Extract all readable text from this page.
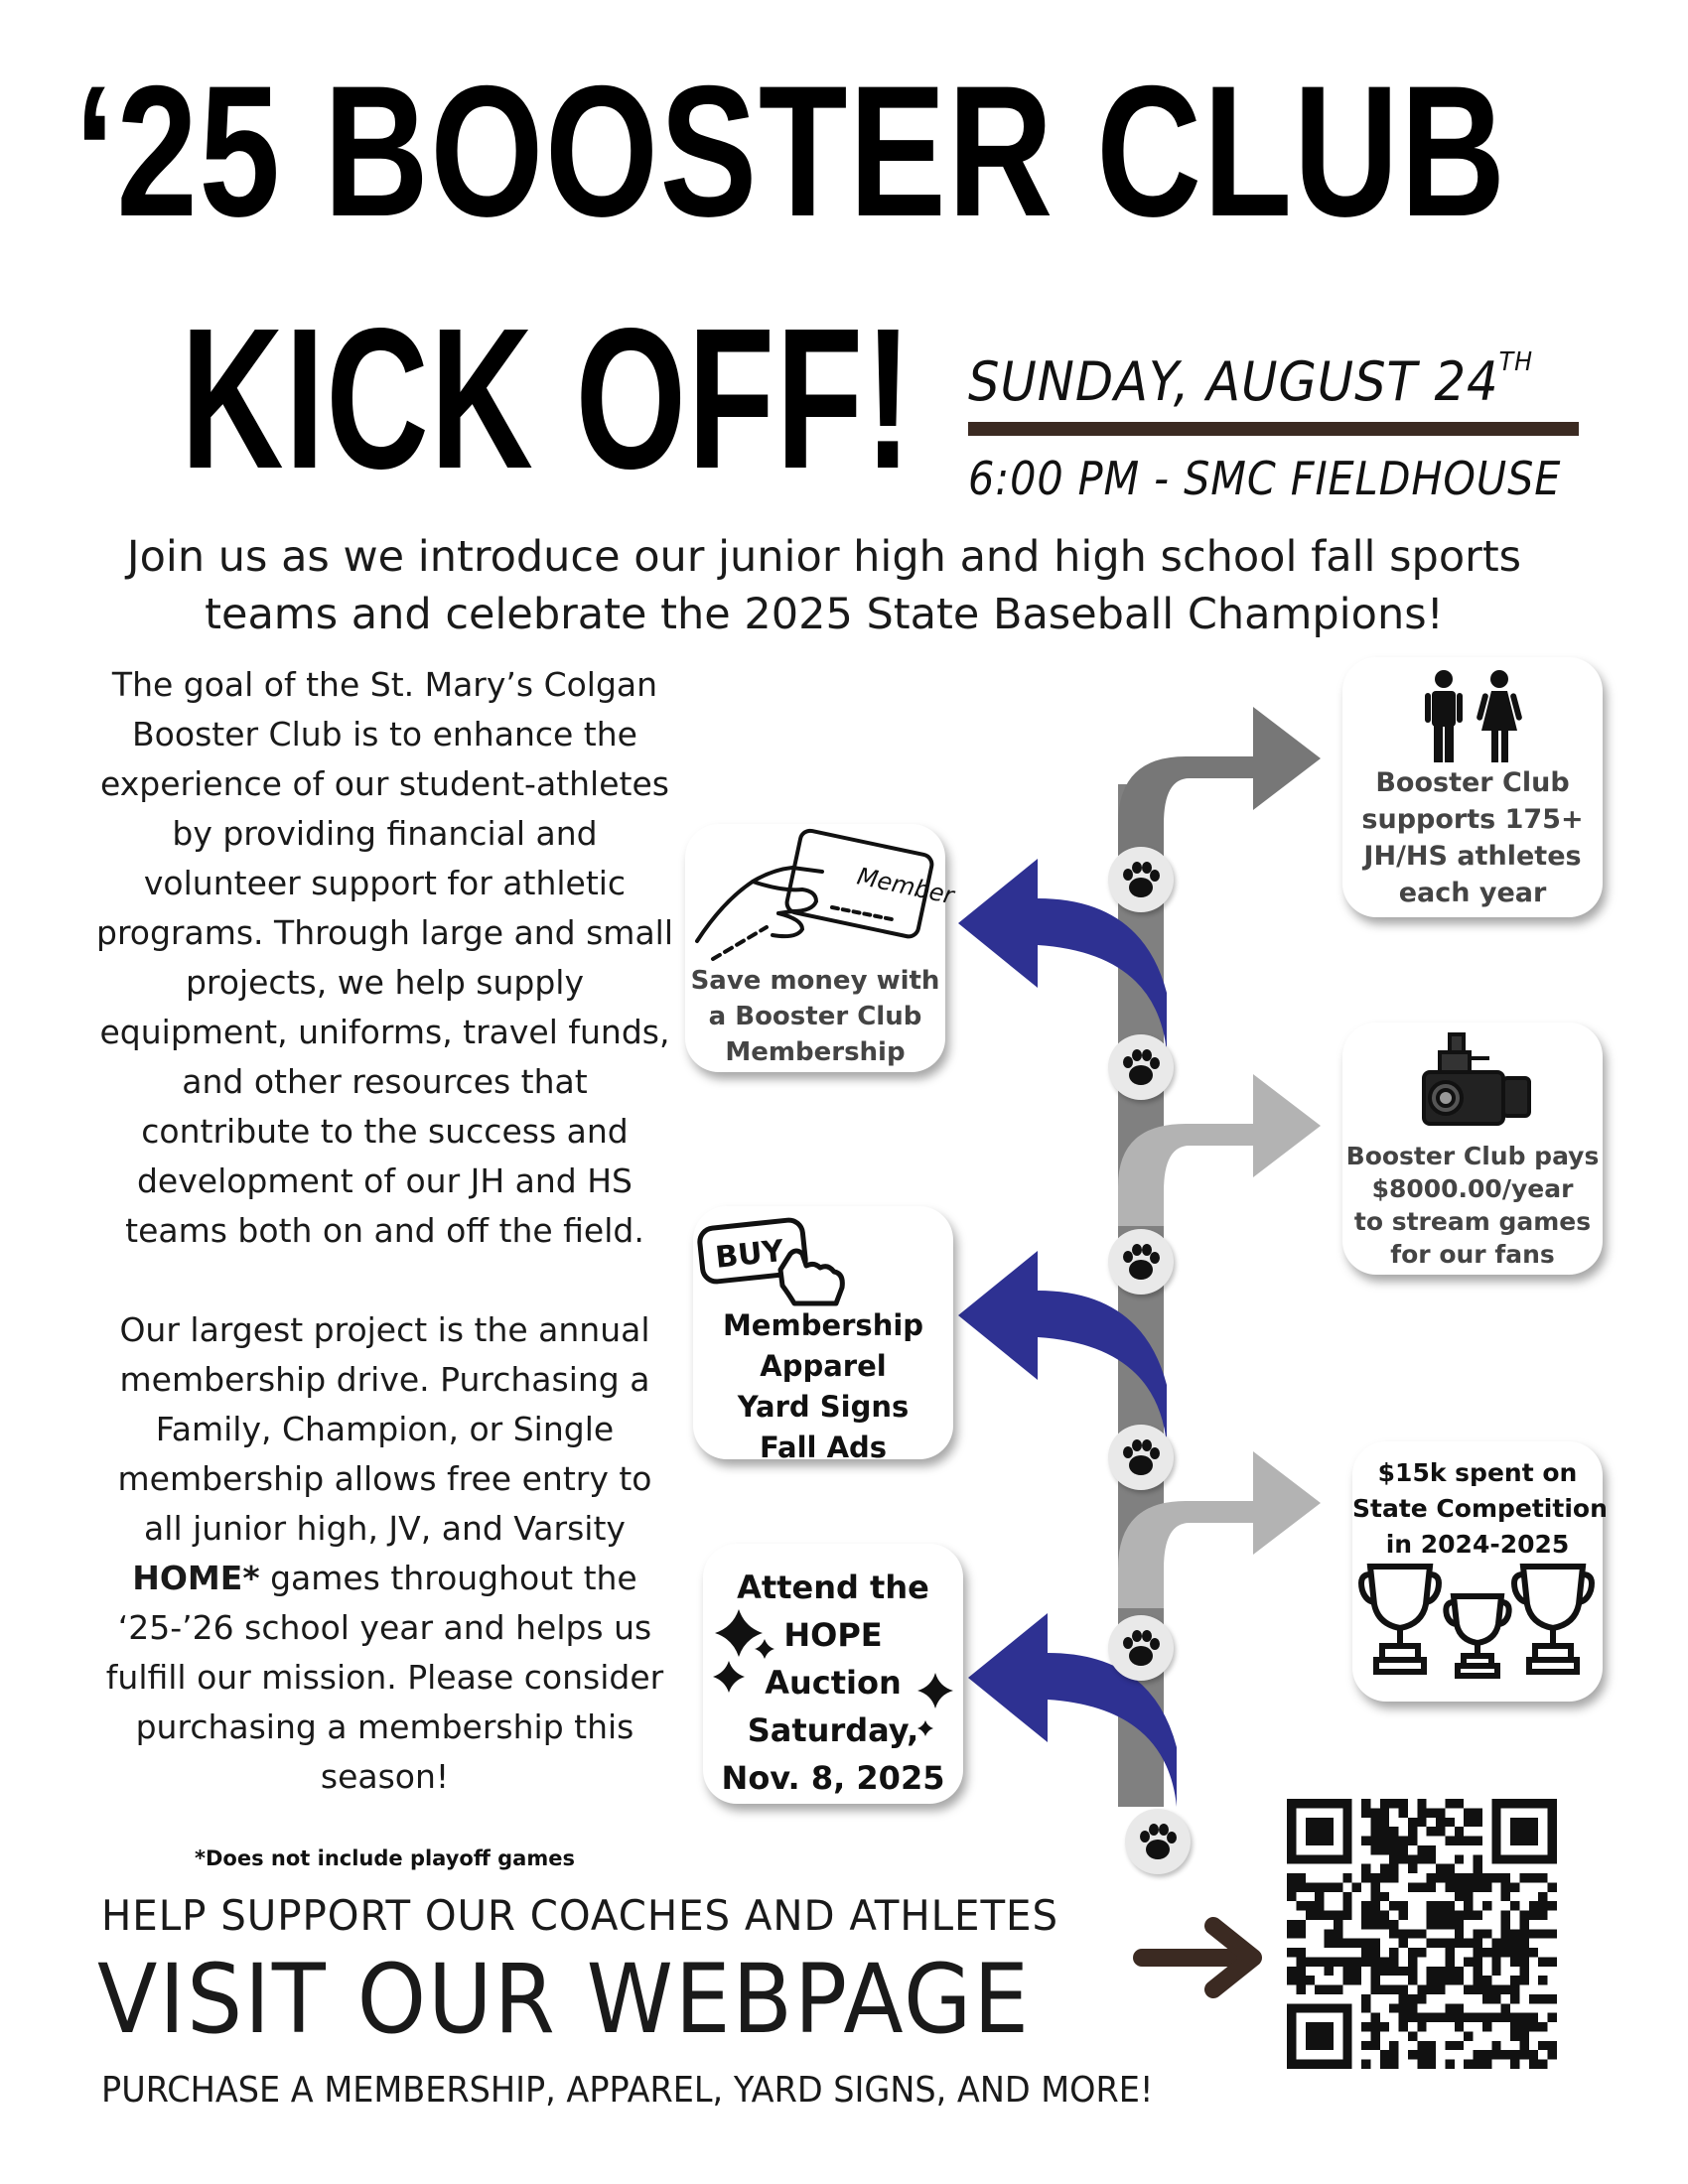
‘25 BOOSTER CLUB
KICK OFF! SUNDAY, AUGUST 24TH
6:00 PM - SMC FIELDHOUSE
Join us as we introduce our junior high and high school fall sports
teams and celebrate the 2025 State Baseball Champions!

The goal of the St. Mary’s Colgan Booster Club is to enhance the experience of our student-athletes by providing financial and volunteer support for athletic programs. Through large and small projects, we help supply equipment, uniforms, travel funds, and other resources that contribute to the success and development of our JH and HS teams both on and off the field.

Our largest project is the annual membership drive. Purchasing a Family, Champion, or Single membership allows free entry to all junior high, JV, and Varsity HOME* games throughout the ‘25-’26 school year and helps us fulfill our mission. Please consider purchasing a membership this season!

*Does not include playoff games
Booster Club
supports 175+
JH/HS athletes
each year
Booster Club pays
$8000.00/year
to stream games
for our fans
$15k spent on
State Competition
in 2024-2025
Member
Save money with
a Booster Club
Membership
BUY
Membership
Apparel
Yard Signs
Fall Ads
Attend the
HOPE
Auction
Saturday,
Nov. 8, 2025
HELP SUPPORT OUR COACHES AND ATHLETES
VISIT OUR WEBPAGE
PURCHASE A MEMBERSHIP, APPAREL, YARD SIGNS, AND MORE!
